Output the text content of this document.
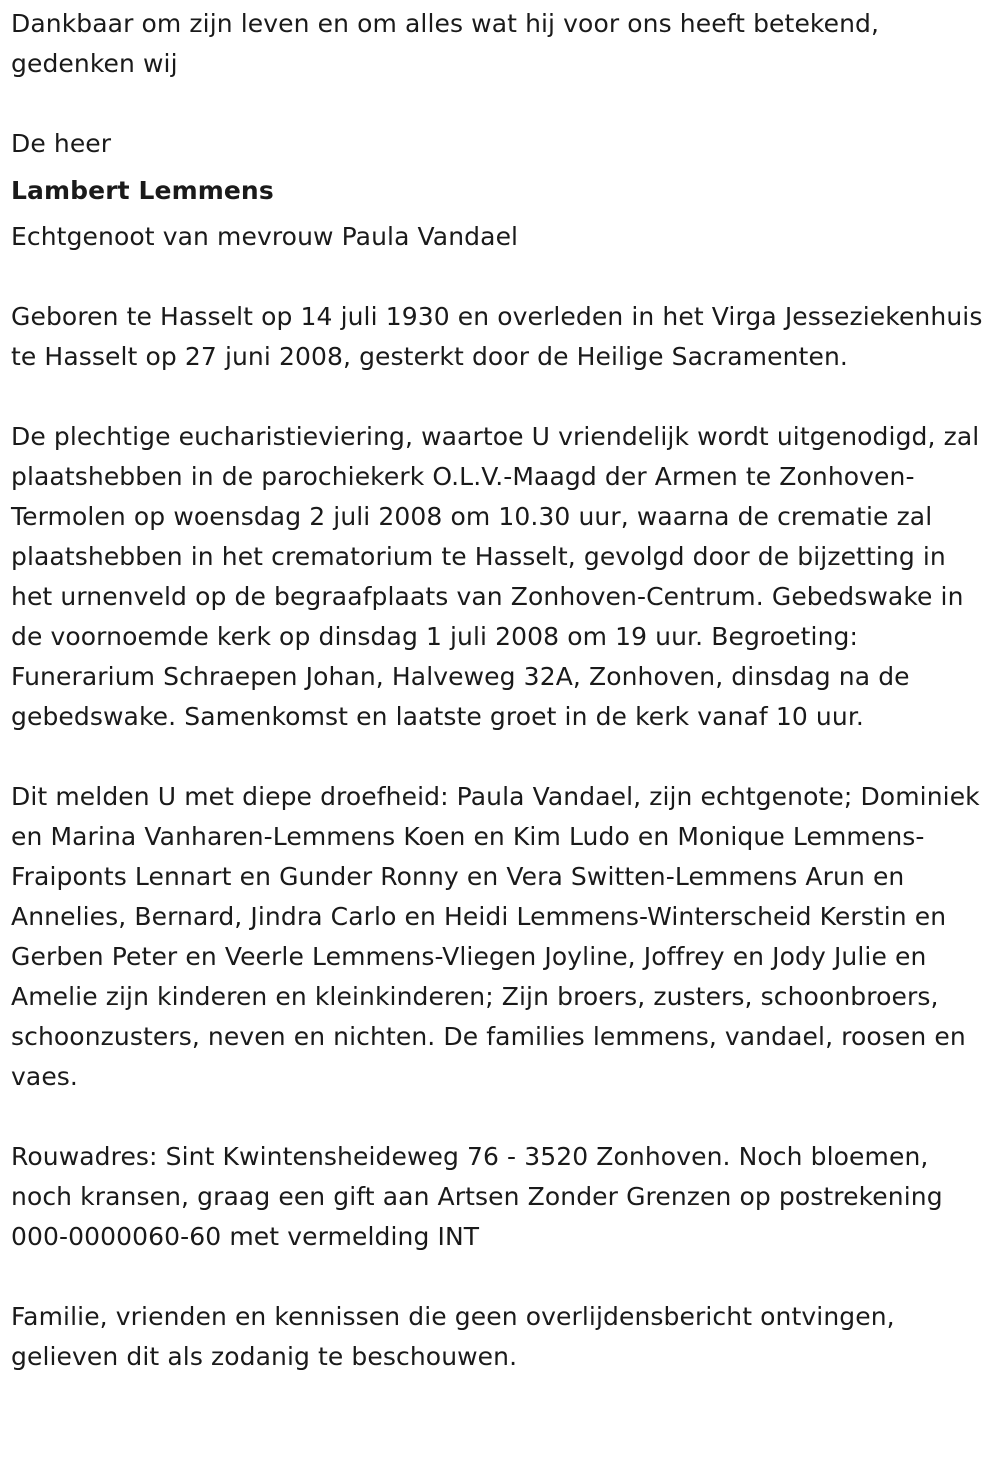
Dankbaar om zijn leven en om alles wat hij voor ons heeft betekend, gedenken wij

De heer

Lambert Lemmens

Echtgenoot van mevrouw Paula Vandael

Geboren te Hasselt op 14 juli 1930 en overleden in het Virga Jesseziekenhuis te Hasselt op 27 juni 2008, gesterkt door de Heilige Sacramenten.

De plechtige eucharistieviering, waartoe U vriendelijk wordt uitgenodigd, zal plaatshebben in de parochiekerk O.L.V.-Maagd der Armen te Zonhoven-Termolen op woensdag 2 juli 2008 om 10.30 uur, waarna de crematie zal plaatshebben in het crematorium te Hasselt, gevolgd door de bijzetting in het urnenveld op de begraafplaats van Zonhoven-Centrum. Gebedswake in de voornoemde kerk op dinsdag 1 juli 2008 om 19 uur. Begroeting: Funerarium Schraepen Johan, Halveweg 32A, Zonhoven, dinsdag na de gebedswake. Samenkomst en laatste groet in de kerk vanaf 10 uur.

Dit melden U met diepe droefheid: Paula Vandael, zijn echtgenote; Dominiek en Marina Vanharen-Lemmens Koen en Kim Ludo en Monique Lemmens-Fraiponts Lennart en Gunder Ronny en Vera Switten-Lemmens Arun en Annelies, Bernard, Jindra Carlo en Heidi Lemmens-Winterscheid Kerstin en Gerben Peter en Veerle Lemmens-Vliegen Joyline, Joffrey en Jody Julie en Amelie zijn kinderen en kleinkinderen; Zijn broers, zusters, schoonbroers, schoonzusters, neven en nichten. De families lemmens, vandael, roosen en vaes.

Rouwadres: Sint Kwintensheideweg 76 - 3520 Zonhoven. Noch bloemen, noch kransen, graag een gift aan Artsen Zonder Grenzen op postrekening 000-0000060-60 met vermelding INT

Familie, vrienden en kennissen die geen overlijdensbericht ontvingen, gelieven dit als zodanig te beschouwen.
